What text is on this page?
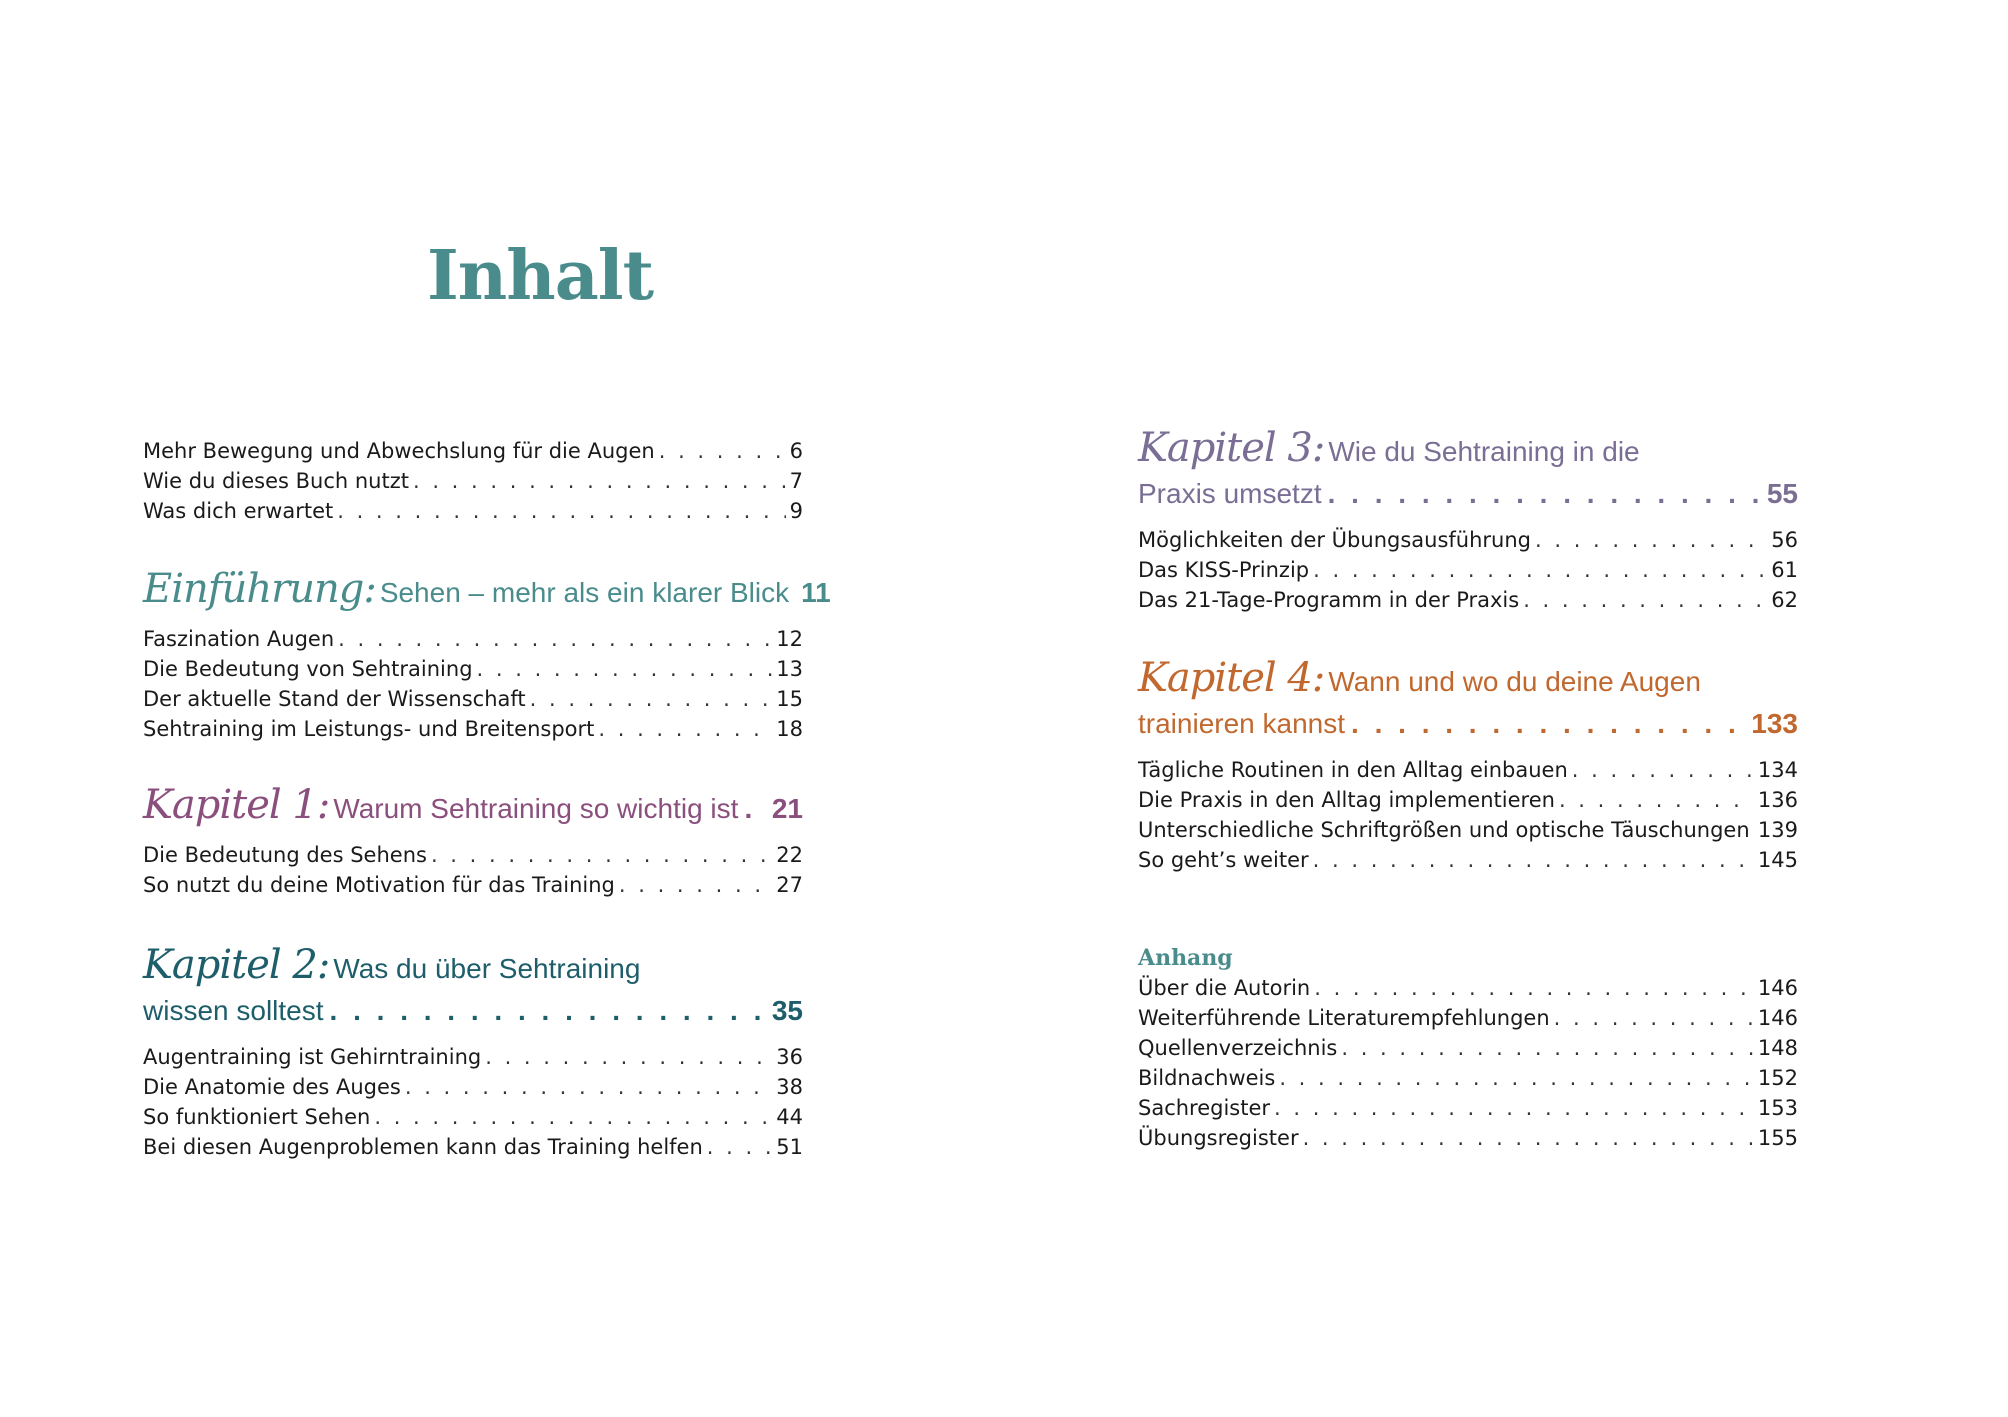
Inhalt
Mehr Bewegung und Abwechslung für die Augen . . .	6
Wie du dieses Buch nutzt . . .	7
Was dich erwartet . . .	9
Einführung: Sehen – mehr als ein klarer Blick 11
Faszination Augen . . .	12
Die Bedeutung von Sehtraining . . .	13
Der aktuelle Stand der Wissenschaft . . .	15
Sehtraining im Leistungs- und Breitensport . . .	18
Kapitel 1: Warum Sehtraining so wichtig ist . . . 21
Die Bedeutung des Sehens . . .	22
So nutzt du deine Motivation für das Training . . .	27
Kapitel 2: Was du über Sehtraining
wissen solltest . . .	35
Augentraining ist Gehirntraining . . .	36
Die Anatomie des Auges . . .	38
So funktioniert Sehen . . .	44
Bei diesen Augenproblemen kann das Training helfen . . .	51
Kapitel 3: Wie du Sehtraining in die
Praxis umsetzt . . .	55
Möglichkeiten der Übungsausführung . . .	56
Das KISS-Prinzip . . .	61
Das 21-Tage-Programm in der Praxis . . .	62
Kapitel 4: Wann und wo du deine Augen
trainieren kannst . . .	133
Tägliche Routinen in den Alltag einbauen . . .	134
Die Praxis in den Alltag implementieren . . .	136
Unterschiedliche Schriftgrößen und optische Täuschungen . . . 139
So geht’s weiter . . .	145
Anhang
Über die Autorin . . .	146
Weiterführende Literaturempfehlungen . . .	146
Quellenverzeichnis . . .	148
Bildnachweis . . .	152
Sachregister . . .	153
Übungsregister . . .	155
